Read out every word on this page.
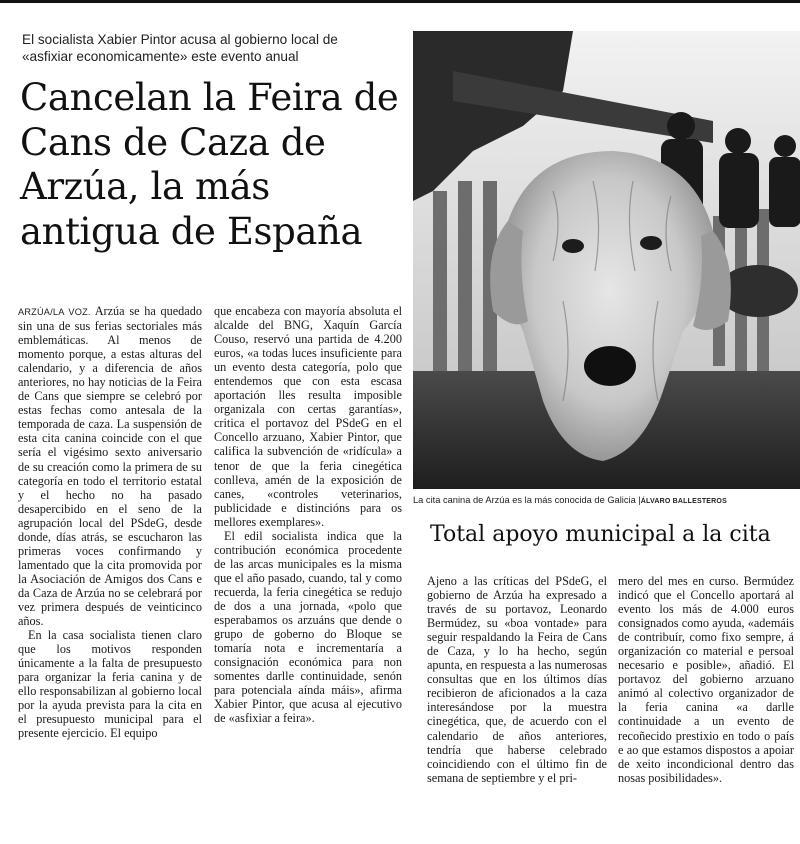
El socialista Xabier Pintor acusa al gobierno local de «asfixiar economicamente» este evento anual
Cancelan la Feira de Cans de Caza de Arzúa, la más antigua de España

ARZÚA/LA VOZ. Arzúa se ha quedado sin una de sus ferias sectoriales más emblemáticas. Al menos de momento porque, a estas alturas del calendario, y a diferencia de años anteriores, no hay noticias de la Feira de Cans que siempre se celebró por estas fechas como antesala de la temporada de caza. La suspensión de esta cita canina coincide con el que sería el vigésimo sexto aniversario de su creación como la primera de su categoría en todo el territorio estatal y el hecho no ha pasado desapercibido en el seno de la agrupación local del PSdeG, desde donde, días atrás, se escucharon las primeras voces confirmando y lamentado que la cita promovida por la Asociación de Amigos dos Cans e da Caza de Arzúa no se celebrará por vez primera después de veinticinco años.

En la casa socialista tienen claro que los motivos responden únicamente a la falta de presupuesto para organizar la feria canina y de ello responsabilizan al gobierno local por la ayuda prevista para la cita en el presupuesto municipal para el presente ejercicio. El equipo

que encabeza con mayoría absoluta el alcalde del BNG, Xaquín García Couso, reservó una partida de 4.200 euros, «a todas luces insuficiente para un evento desta categoría, polo que entendemos que con esta escasa aportación lles resulta imposible organizala con certas garantías», critica el portavoz del PSdeG en el Concello arzuano, Xabier Pintor, que califica la subvención de «ridícula» a tenor de que la feria cinegética conlleva, amén de la exposición de canes, «controles veterinarios, publicidade e distincións para os mellores exemplares».

El edil socialista indica que la contribución económica procedente de las arcas municipales es la misma que el año pasado, cuando, tal y como recuerda, la feria cinegética se redujo de dos a una jornada, «polo que esperabamos os arzuáns que dende o grupo de goberno do Bloque se tomaría nota e incrementaría a consignación económica para non somentes darlle continuidade, senón para potenciala aínda máis», afirma Xabier Pintor, que acusa al ejecutivo de «asfixiar a feira».

La cita canina de Arzúa es la más conocida de Galicia |ÁLVARO BALLESTEROS
Total apoyo municipal a la cita

Ajeno a las críticas del PSdeG, el gobierno de Arzúa ha expresado a través de su portavoz, Leonardo Bermúdez, su «boa vontade» para seguir respaldando la Feira de Cans de Caza, y lo ha hecho, según apunta, en respuesta a las numerosas consultas que en los últimos días recibieron de aficionados a la caza interesándose por la muestra cinegética, que, de acuerdo con el calendario de años anteriores, tendría que haberse celebrado coincidiendo con el último fin de semana de septiembre y el pri-

mero del mes en curso. Bermúdez indicó que el Concello aportará al evento los más de 4.000 euros consignados como ayuda, «ademáis de contribuír, como fixo sempre, á organización co material e persoal necesario e posible», añadió. El portavoz del gobierno arzuano animó al colectivo organizador de la feria canina «a darlle continuidade a un evento de recoñecido prestixio en todo o país e ao que estamos dispostos a apoiar de xeito incondicional dentro das nosas posibilidades».
